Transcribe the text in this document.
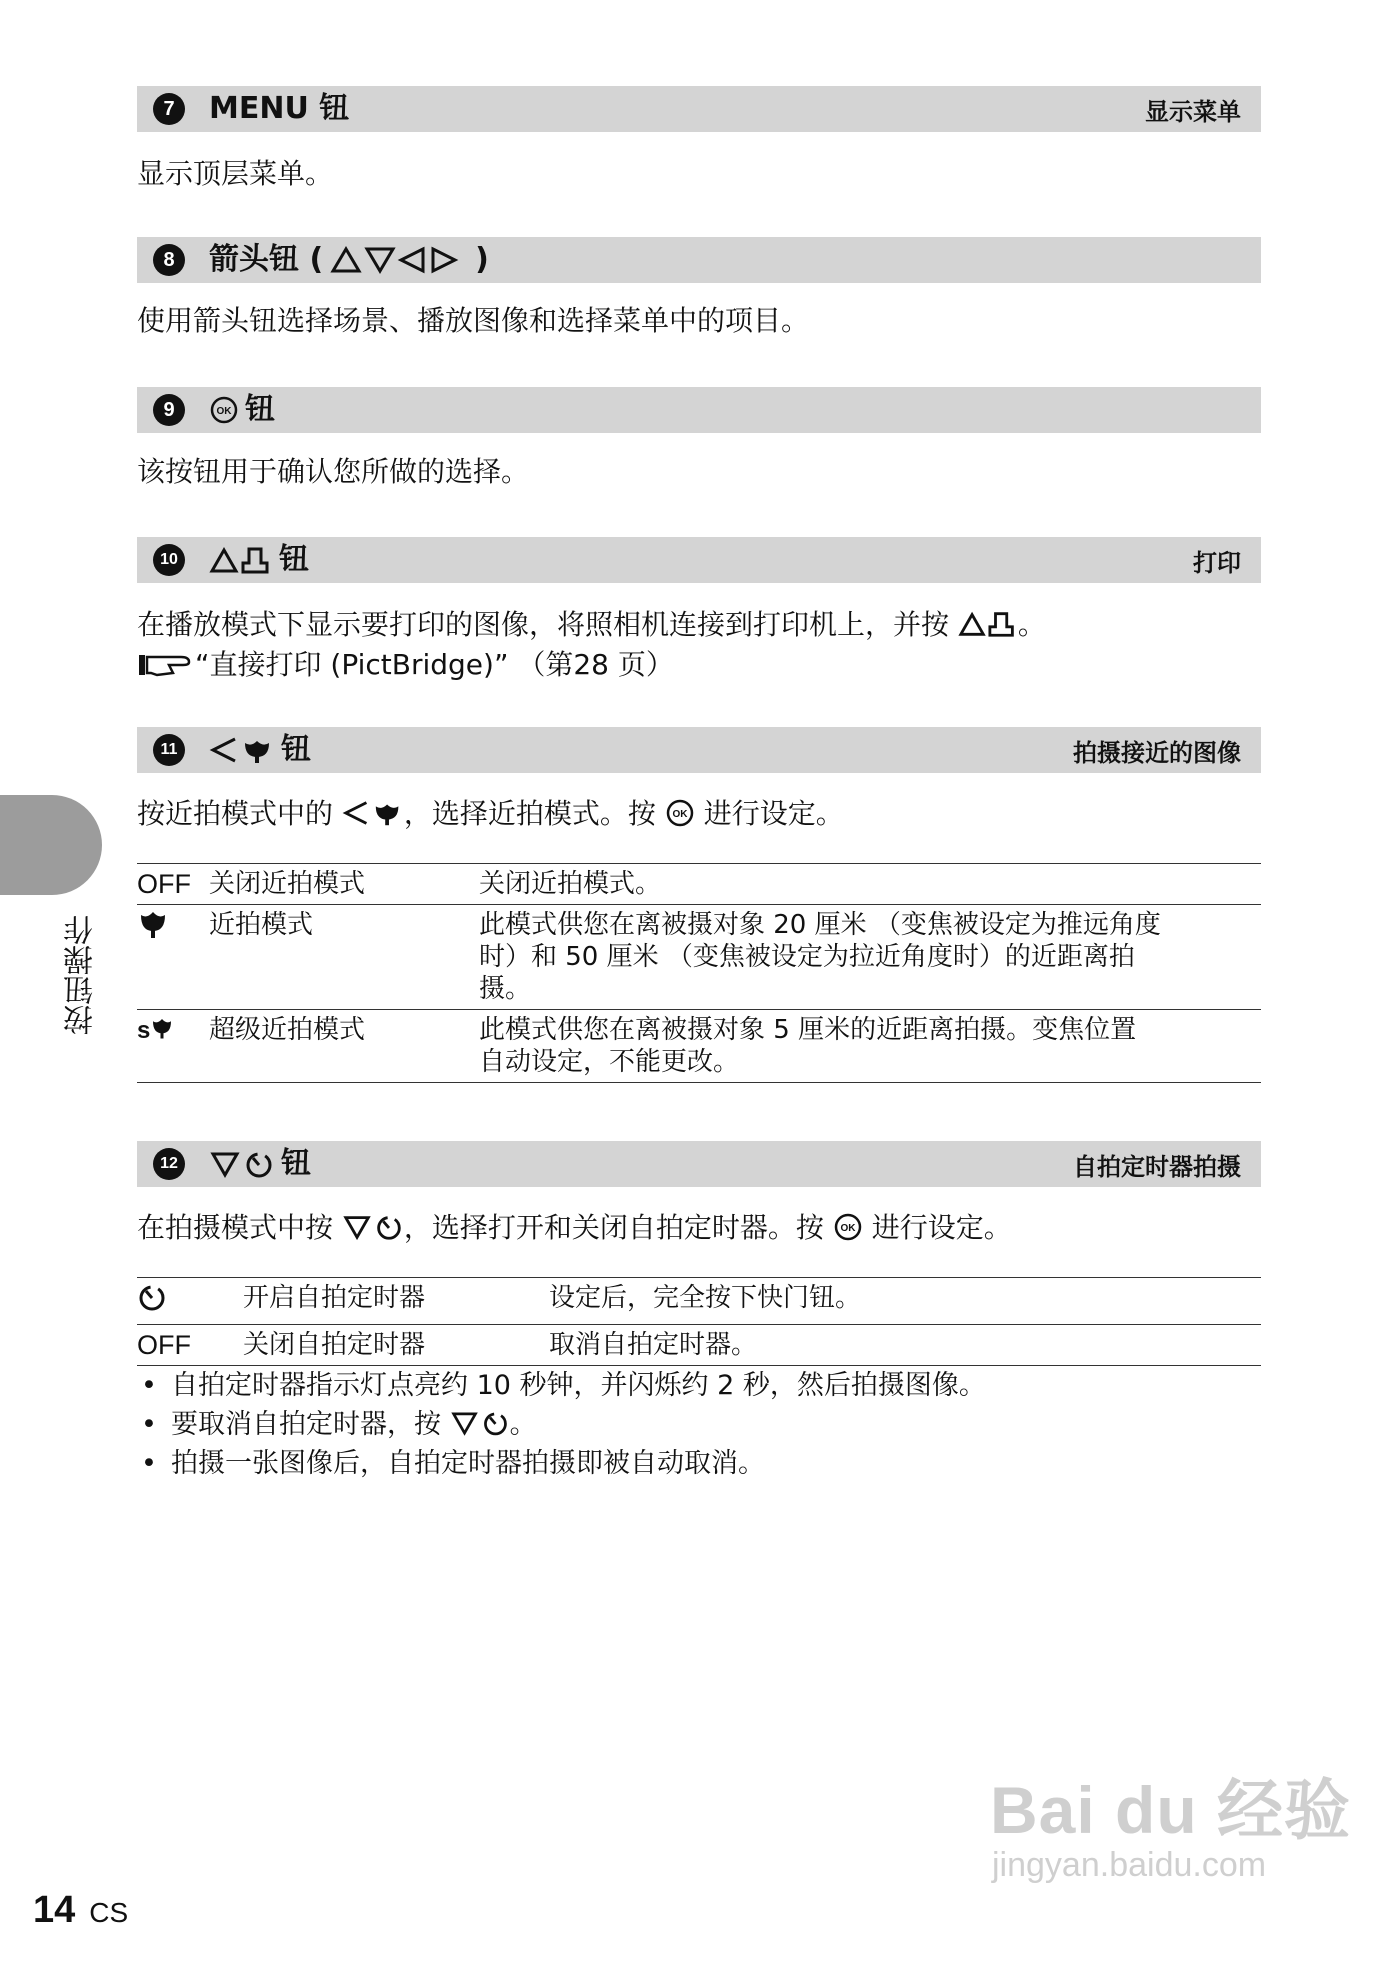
7	MENU 钮	显示菜单
显示顶层菜单。
8	箭头钮 (	)
使用箭头钮选择场景、播放图像和选择菜单中的项目。
9	OK 钮
该按钮用于确认您所做的选择。
10	钮	打印
在播放模式下显示要打印的图像，将照相机连接到打印机上，并按 。
“直接打印 (PictBridge)” （第28 页）
11	钮	拍摄接近的图像
按近拍模式中的	，选择近拍模式。按 OK 进行设定。
OFF	关闭近拍模式	关闭近拍模式。
	近拍模式	此模式供您在离被摄对象 20 厘米 （变焦被设定为推远角度
时）和 50 厘米 （变焦被设定为拉近角度时）的近距离拍
摄。

s	超级近拍模式	此模式供您在离被摄对象 5 厘米的近距离拍摄。变焦位置
自动设定，不能更改。
12	钮	自拍定时器拍摄
在拍摄模式中按	，选择打开和关闭自拍定时器。按 OK 进行设定。
	开启自拍定时器	设定后，完全按下快门钮。
OFF	关闭自拍定时器	取消自拍定时器。
• 自拍定时器指示灯点亮约 10 秒钟，并闪烁约 2 秒，然后拍摄图像。
• 要取消自拍定时器，按	。
• 拍摄一张图像后，自拍定时器拍摄即被自动取消。
按钮操作
14 CS
Bai du 经验
jingyan.baidu.com
